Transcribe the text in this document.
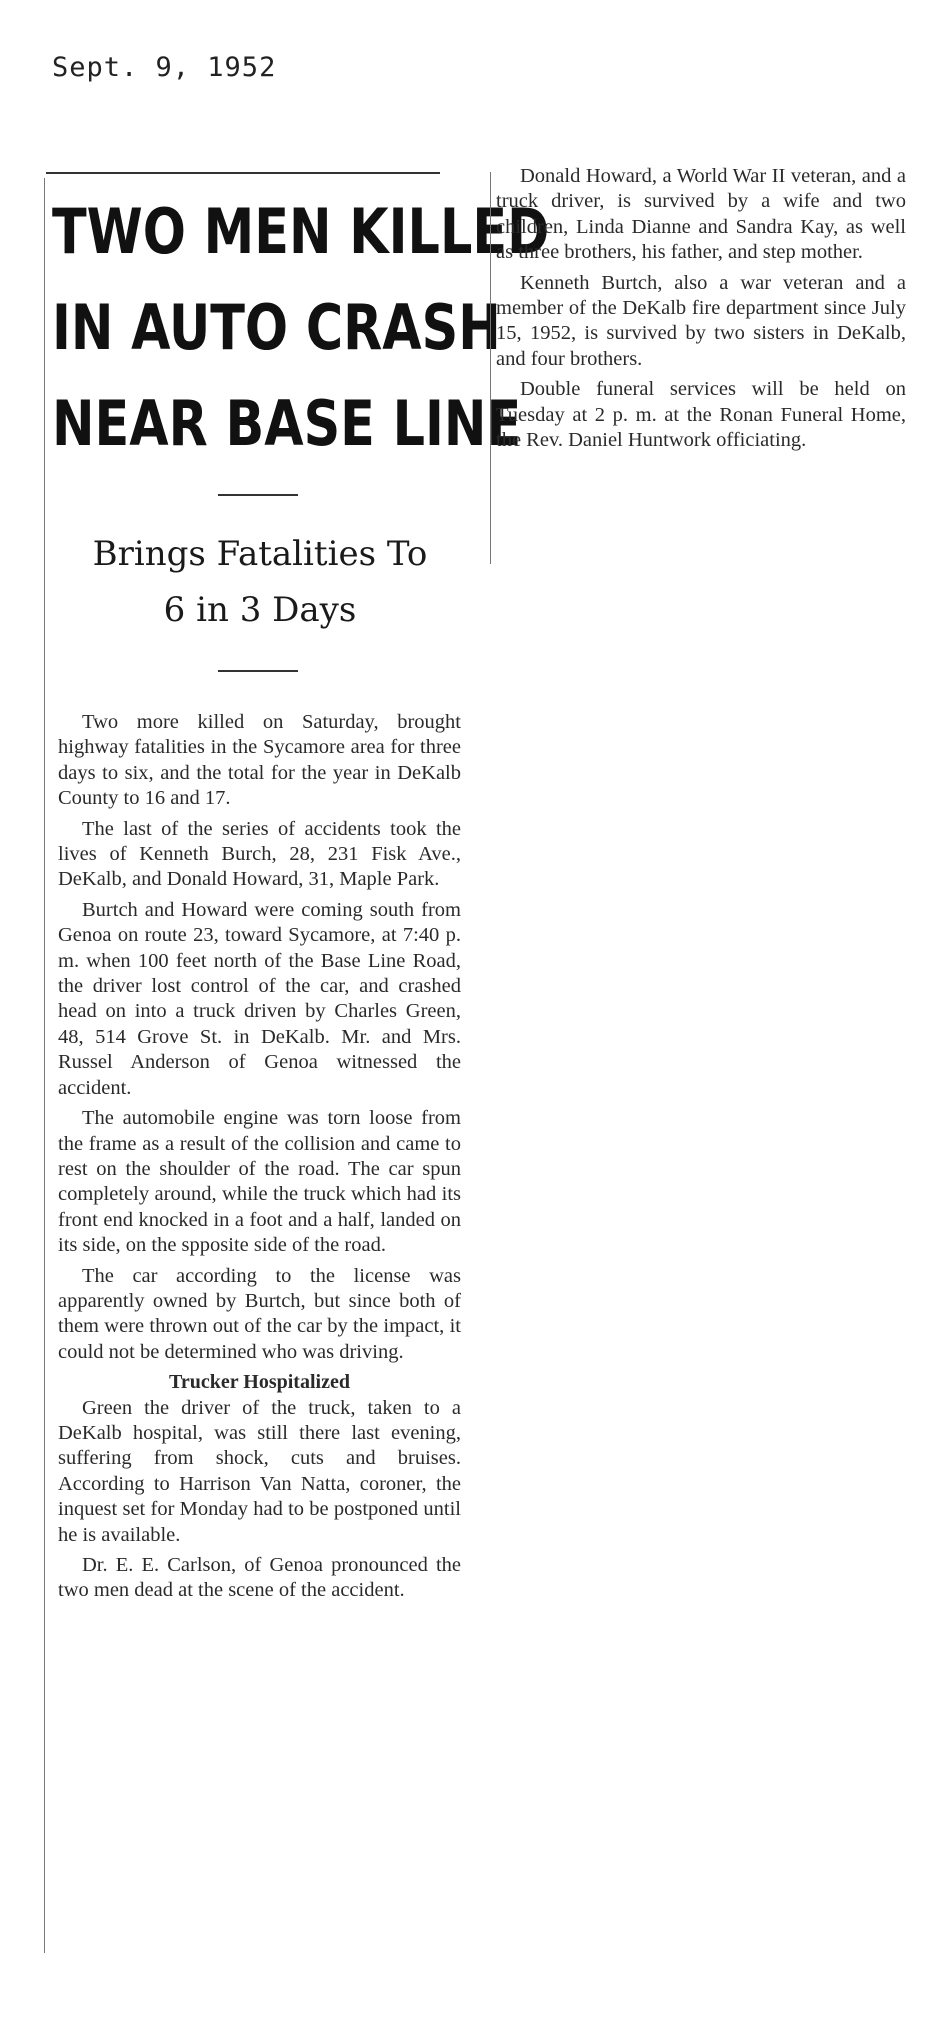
Sept. 9, 1952
TWO MEN KILLED
IN AUTO CRASH
NEAR BASE LINE
Brings Fatalities To
6 in 3 Days

Two more killed on Saturday, brought highway fatalities in the Sycamore area for three days to six, and the total for the year in DeKalb County to 16 and 17.

The last of the series of accidents took the lives of Kenneth Burch, 28, 231 Fisk Ave., DeKalb, and Donald Howard, 31, Maple Park.

Burtch and Howard were coming south from Genoa on route 23, toward Sycamore, at 7:40 p. m. when 100 feet north of the Base Line Road, the driver lost control of the car, and crashed head on into a truck driven by Charles Green, 48, 514 Grove St. in DeKalb. Mr. and Mrs. Russel Anderson of Genoa witnessed the accident.

The automobile engine was torn loose from the frame as a result of the collision and came to rest on the shoulder of the road. The car spun completely around, while the truck which had its front end knocked in a foot and a half, landed on its side, on the spposite side of the road.

The car according to the license was apparently owned by Burtch, but since both of them were thrown out of the car by the impact, it could not be determined who was driving.

Trucker Hospitalized

Green the driver of the truck, taken to a DeKalb hospital, was still there last evening, suffering from shock, cuts and bruises. According to Harrison Van Natta, coroner, the inquest set for Monday had to be postponed until he is available.

Dr. E. E. Carlson, of Genoa pronounced the two men dead at the scene of the accident.

Donald Howard, a World War II veteran, and a truck driver, is survived by a wife and two children, Linda Dianne and Sandra Kay, as well as three brothers, his father, and step mother.

Kenneth Burtch, also a war veteran and a member of the DeKalb fire department since July 15, 1952, is survived by two sisters in DeKalb, and four brothers.

Double funeral services will be held on Tuesday at 2 p. m. at the Ronan Funeral Home, the Rev. Daniel Huntwork officiating.
